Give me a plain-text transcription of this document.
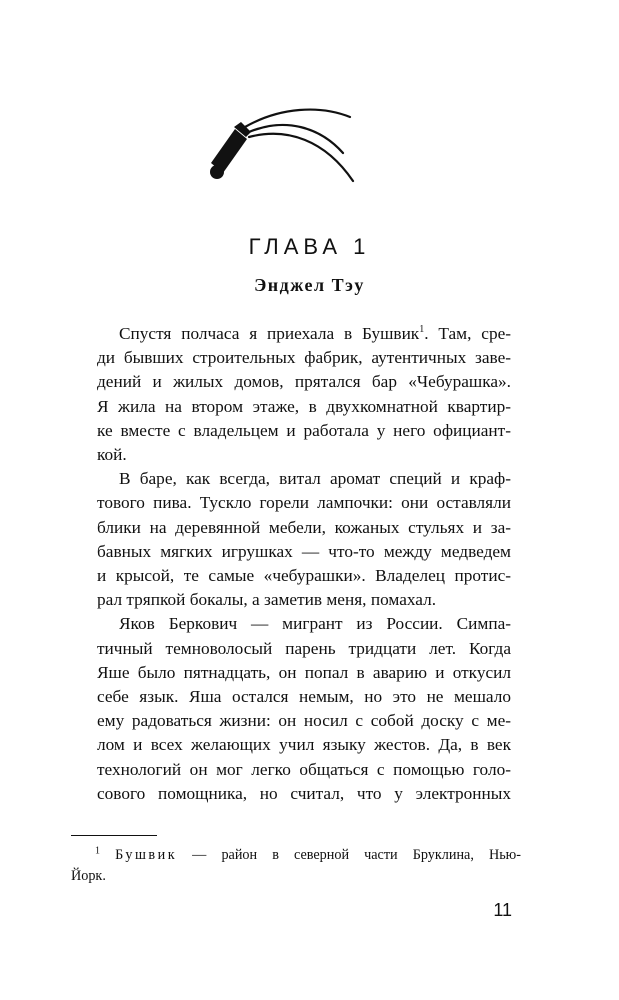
ГЛАВА 1
Энджел Тэу
Спустя полчаса я приехала в Бушвик$^1$. Там, сре-
ди бывших строительных фабрик, аутентичных заве-
дений и жилых домов, прятался бар «Чебурашка».
Я жила на втором этаже, в двухкомнатной квартир-
ке вместе с владельцем и работала у него официант-
кой.
В баре, как всегда, витал аромат специй и краф-
тового пива. Тускло горели лампочки: они оставляли
блики на деревянной мебели, кожаных стульях и за-
бавных мягких игрушках — что-то между медведем
и крысой, те самые «чебурашки». Владелец протис-
рал тряпкой бокалы, а заметив меня, помахал.
Яков Беркович — мигрант из России. Симпа-
тичный темноволосый парень тридцати лет. Когда
Яше было пятнадцать, он попал в аварию и откусил
себе язык. Яша остался немым, но это не мешало
ему радоваться жизни: он носил с собой доску с ме-
лом и всех желающих учил языку жестов. Да, в век
технологий он мог легко общаться с помощью голо-
сового помощника, но считал, что у электронных
$^1$ Бушвик — район в северной части Бруклина, Нью-
Йорк.
11
